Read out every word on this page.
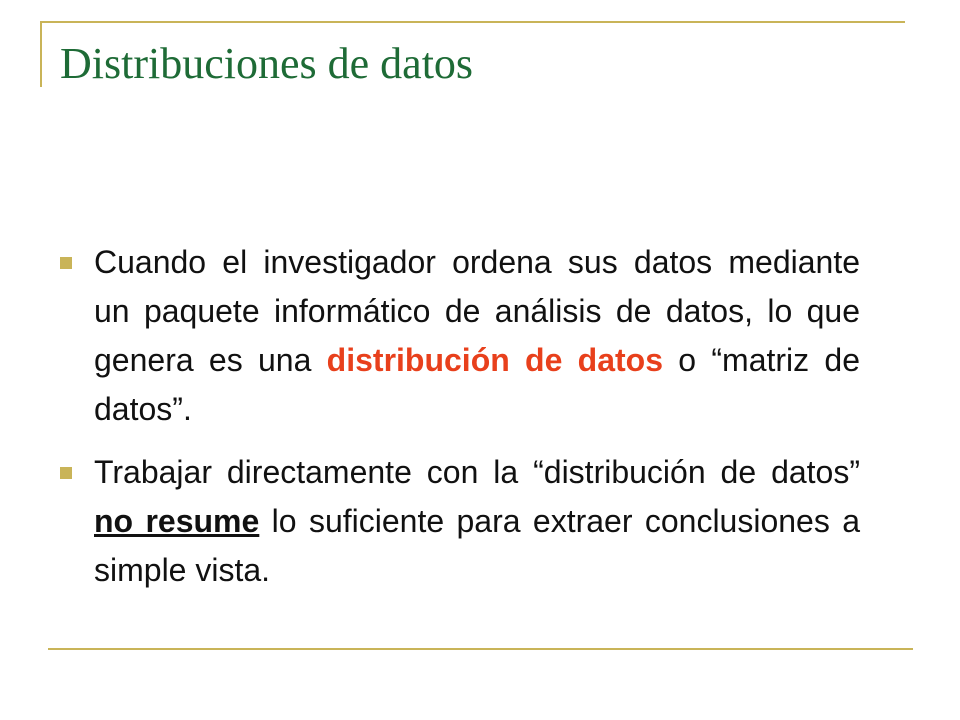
Distribuciones de datos
Cuando el investigador ordena sus datos mediante un paquete informático de análisis de datos, lo que genera es una distribución de datos o “matriz de datos”.
Trabajar directamente con la “distribución de datos” no resume lo suficiente para extraer conclusiones a simple vista.
